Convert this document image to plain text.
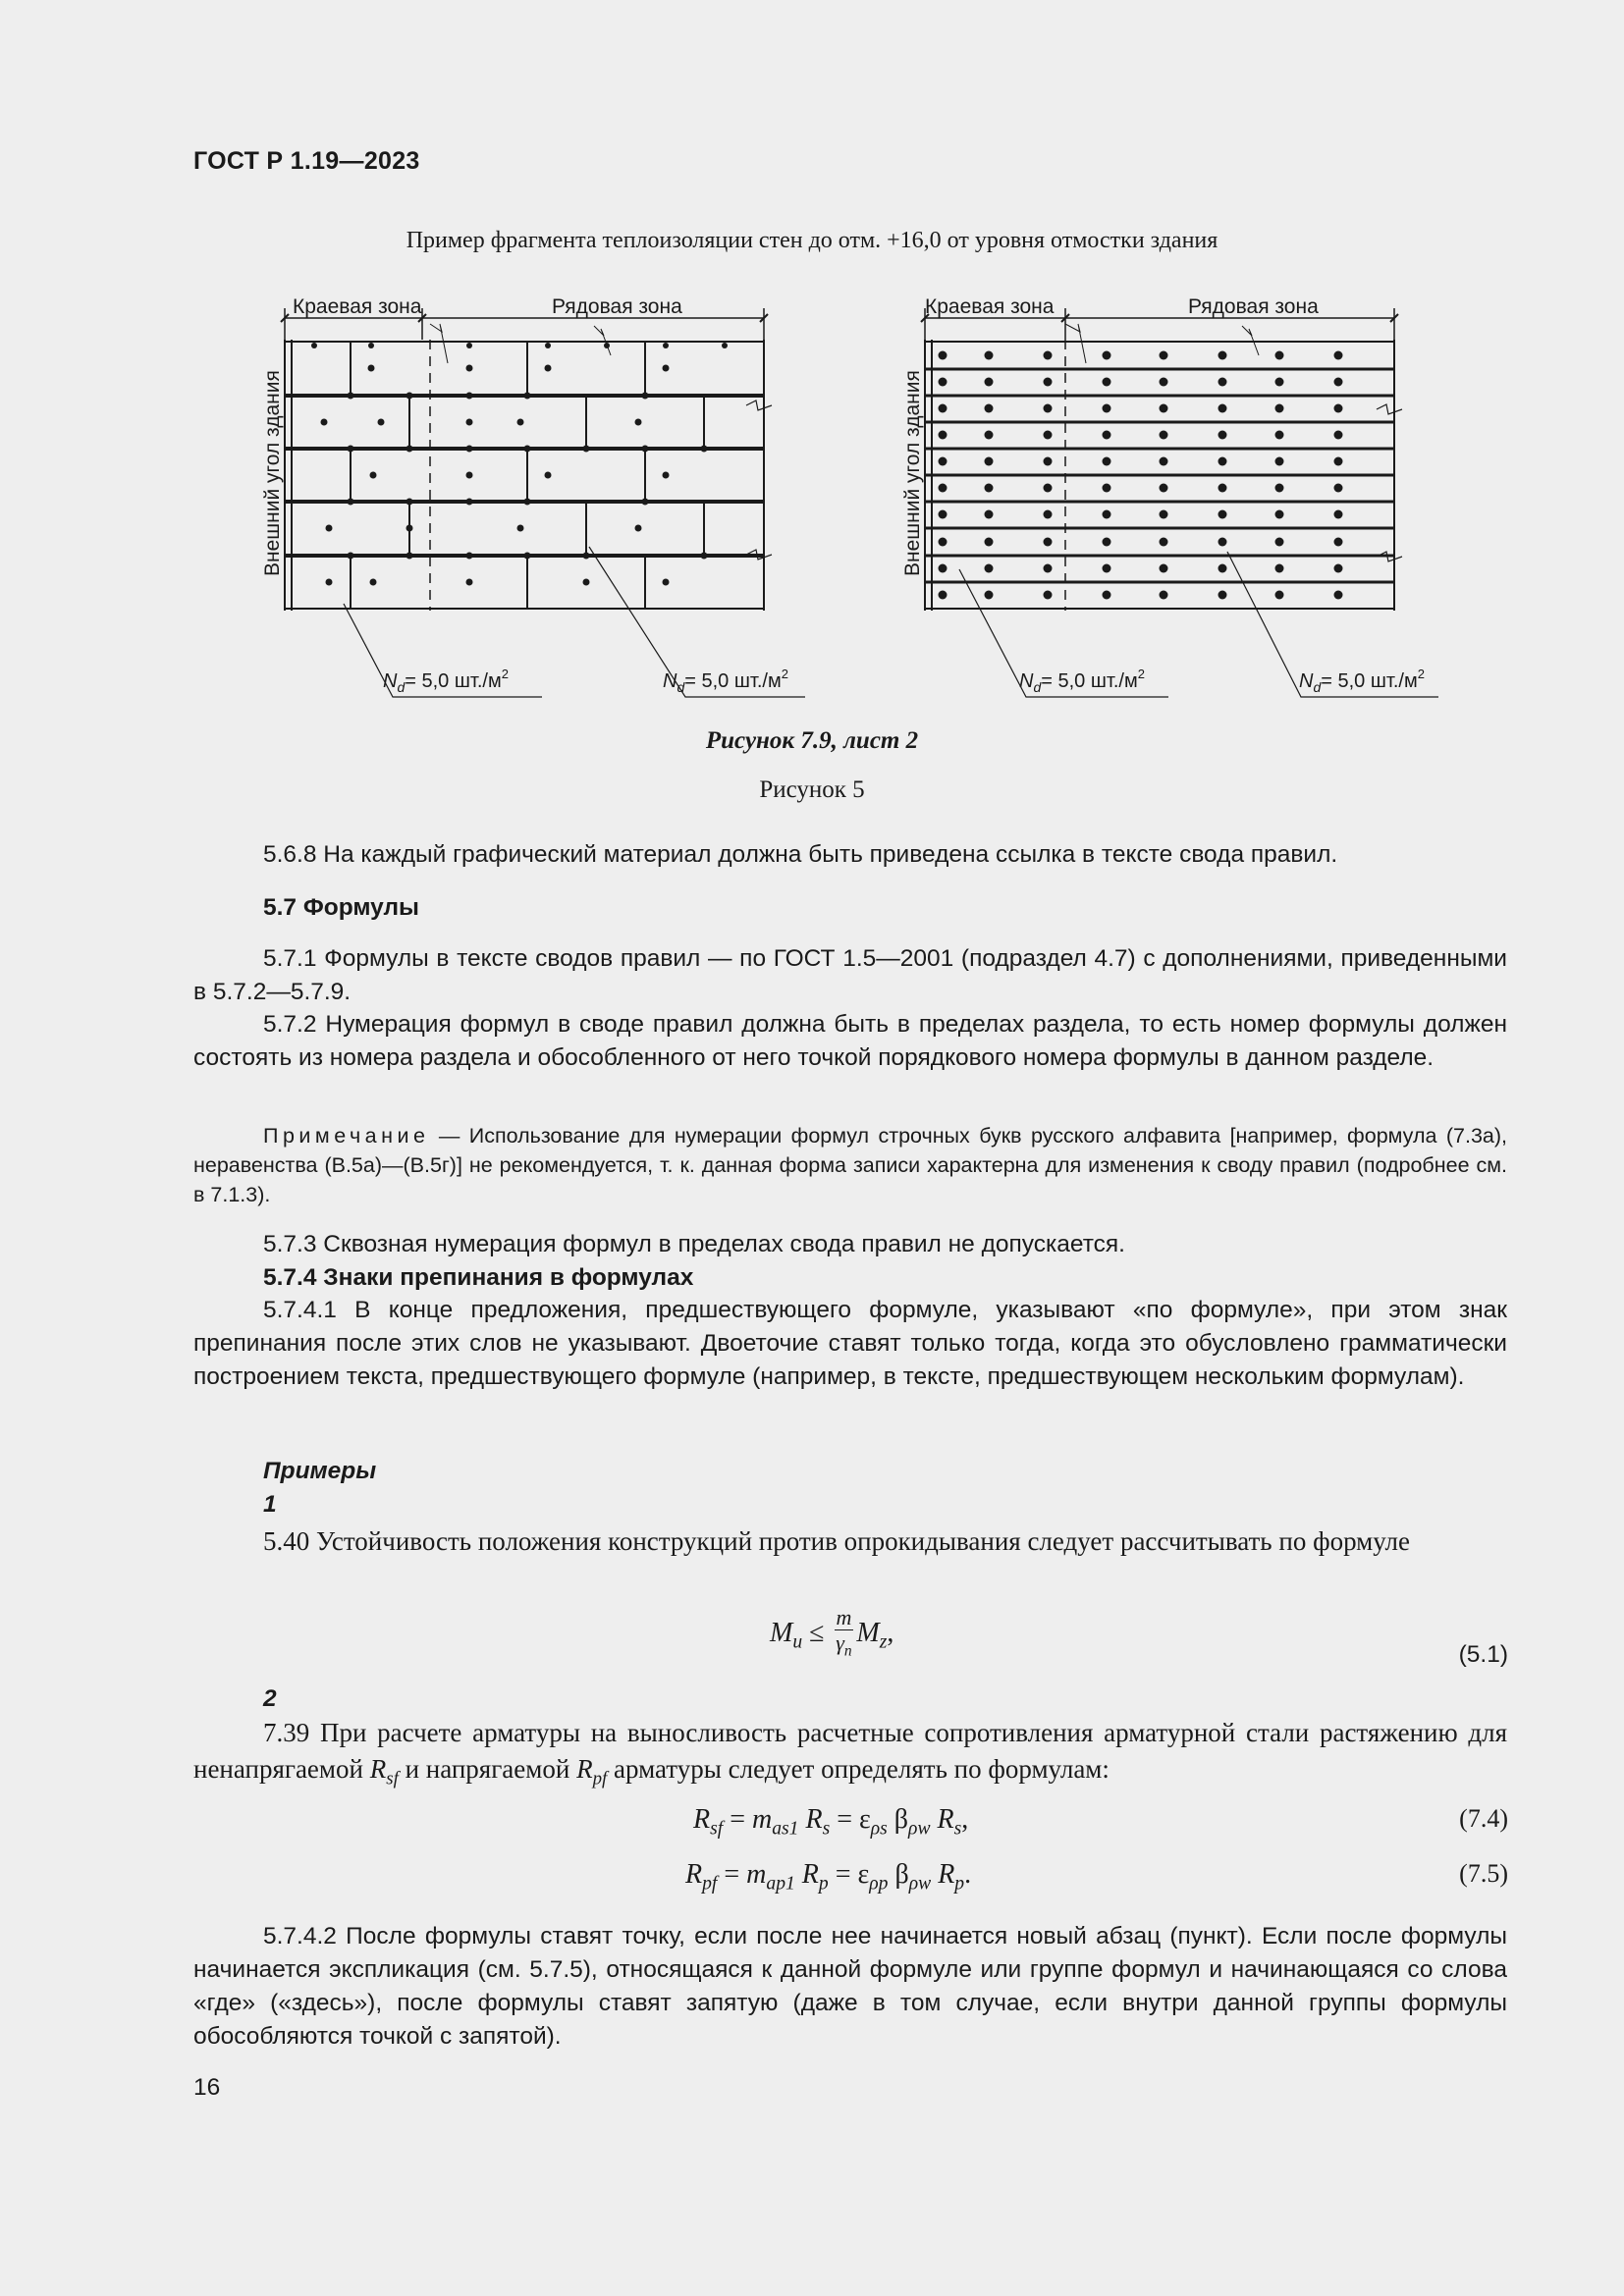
ГОСТ Р 1.19—2023
Пример фрагмента теплоизоляции стен до отм. +16,0 от уровня отмостки здания
Краевая зона	Рядовая зона
Внешний угол здания
Краевая зона	Рядовая зона
Внешний угол здания
$N_d= 5,0$ $шт./м^2$	$N_d= 5,0$ $шт./м^2$	$N_d= 5,0$ $шт./м^2$	$N_d= 5,0$ $шт./м^2$
Рисунок 7.9, лист 2
Рисунок 5
5.6.8 На каждый графический материал должна быть приведена ссылка в тексте свода правил.
5.7 Формулы
5.7.1 Формулы в тексте сводов правил — по ГОСТ 1.5—2001 (подраздел 4.7) с дополнениями, приведенными в 5.7.2—5.7.9.
5.7.2 Нумерация формул в своде правил должна быть в пределах раздела, то есть номер формулы должен состоять из номера раздела и обособленного от него точкой порядкового номера формулы в данном разделе.
Примечание — Использование для нумерации формул строчных букв русского алфавита [например, формула (7.3а), неравенства (В.5а)—(В.5г)] не рекомендуется, т. к. данная форма записи характерна для изменения к своду правил (подробнее см. в 7.1.3).
5.7.3 Сквозная нумерация формул в пределах свода правил не допускается.
5.7.4 Знаки препинания в формулах
5.7.4.1 В конце предложения, предшествующего формуле, указывают «по формуле», при этом знак препинания после этих слов не указывают. Двоеточие ставят только тогда, когда это обусловлено грамматически построением текста, предшествующего формуле (например, в тексте, предшествующем нескольким формулам).
Примеры
1
5.40 Устойчивость положения конструкций против опрокидывания следует рассчитывать по формуле
$M_u \le \frac{m}{\gamma_n} M_z$,
(5.1)
2
7.39 При расчете арматуры на выносливость расчетные сопротивления арматурной стали растяжению для ненапрягаемой $R_{sf}$ и напрягаемой $R_{pf}$ арматуры следует определять по формулам:
$R_{sf} = m_{as1}$ $R_s = \varepsilon_{\rho s}$ $\beta_{\rho w}$ $R_s$,	(7.4)
$R_{pf} = m_{ap1}$ $R_p = \varepsilon_{\rho p}$ $\beta_{\rho w}$ $R_p$.	(7.5)
5.7.4.2 После формулы ставят точку, если после нее начинается новый абзац (пункт). Если после формулы начинается экспликация (см. 5.7.5), относящаяся к данной формуле или группе формул и начинающаяся со слова «где» («здесь»), после формулы ставят запятую (даже в том случае, если внутри данной группы формулы обособляются точкой с запятой).
16
